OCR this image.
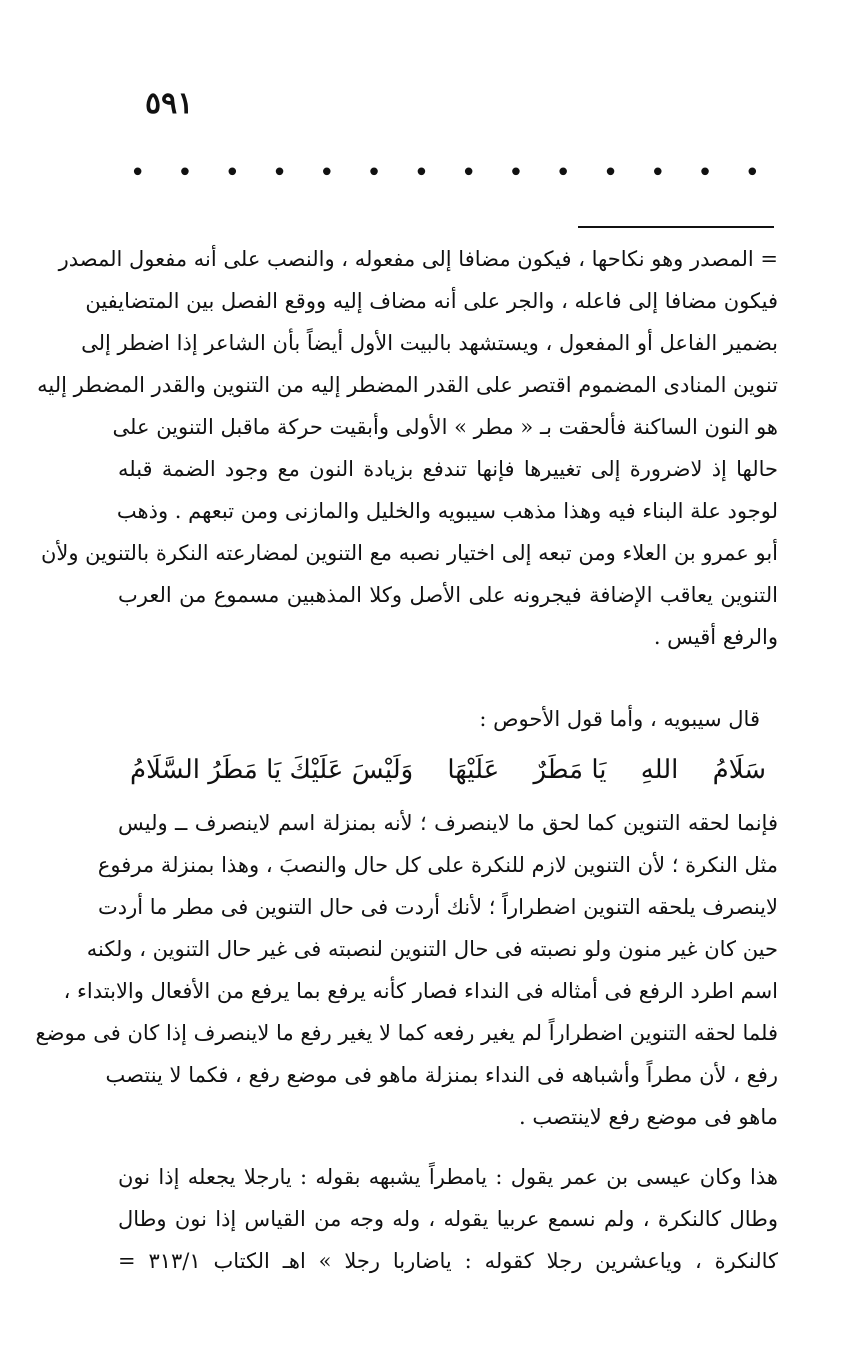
٥٩١
• • • • • • • • • • • • • •
= المصدر وهو نكاحها ، فيكون مضافا إلى مفعوله ، والنصب على أنه مفعول المصدر
فيكون مضافا إلى فاعله ، والجر على أنه مضاف إليه ووقع الفصل بين المتضايفين
بضمير الفاعل أو المفعول ، ويستشهد بالبيت الأول أيضاً بأن الشاعر إذا اضطر إلى
تنوين المنادى المضموم اقتصر على القدر المضطر إليه من التنوين والقدر المضطر إليه
هو النون الساكنة فألحقت بـ « مطر » الأولى وأبقيت حركة ماقبل التنوين على
حالها إذ لاضرورة إلى تغييرها فإنها تندفع بزيادة النون مع وجود الضمة قبله
لوجود علة البناء فيه وهذا مذهب سيبويه والخليل والمازنى ومن تبعهم . وذهب
أبو عمرو بن العلاء ومن تبعه إلى اختيار نصبه مع التنوين لمضارعته النكرة بالتنوين ولأن
التنوين يعاقب الإضافة فيجرونه على الأصل وكلا المذهبين مسموع من العرب
والرفع أقيس .
قال سيبويه ، وأما قول الأحوص :
سَلَامُ
اللهِ
يَا مَطَرٌ
عَلَيْهَا
وَلَيْسَ عَلَيْكَ يَا مَطَرُ السَّلَامُ
فإنما لحقه التنوين كما لحق ما لاينصرف ؛ لأنه بمنزلة اسم لاينصرف ــ وليس
مثل النكرة ؛ لأن التنوين لازم للنكرة على كل حال والنصبَ ، وهذا بمنزلة مرفوع
لاينصرف يلحقه التنوين اضطراراً ؛ لأنك أردت فى حال التنوين فى مطر ما أردت
حين كان غير منون ولو نصبته فى حال التنوين لنصبته فى غير حال التنوين ، ولكنه
اسم اطرد الرفع فى أمثاله فى النداء فصار كأنه يرفع بما يرفع من الأفعال والابتداء ،
فلما لحقه التنوين اضطراراً لم يغير رفعه كما لا يغير رفع ما لاينصرف إذا كان فى موضع
رفع ، لأن مطراً وأشباهه فى النداء بمنزلة ماهو فى موضع رفع ، فكما لا ينتصب
ماهو فى موضع رفع لاينتصب .
هذا وكان عيسى بن عمر يقول : يامطراً يشبهه بقوله : يارجلا يجعله إذا نون
وطال كالنكرة ، ولم نسمع عربيا يقوله ، وله وجه من القياس إذا نون وطال
كالنكرة ، وياعشرين رجلا كقوله : ياضاربا رجلا » اهـ الكتاب ٣١٣/١ =
